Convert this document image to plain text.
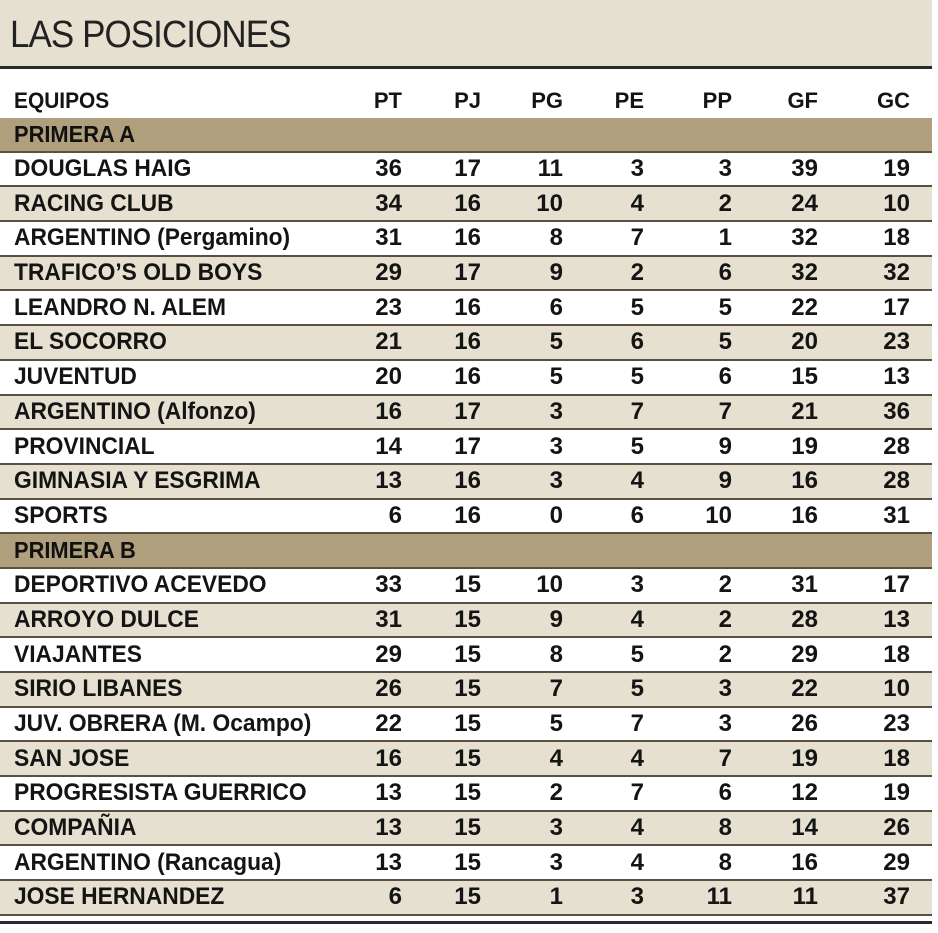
LAS POSICIONES
EQUIPOS	PT	PJ	PG	PE	PP	GF	GC
PRIMERA A
DOUGLAS HAIG	36	17	11	3	3	39	19
RACING CLUB	34	16	10	4	2	24	10
ARGENTINO (Pergamino)	31	16	8	7	1	32	18
TRAFICO’S OLD BOYS	29	17	9	2	6	32	32
LEANDRO N. ALEM	23	16	6	5	5	22	17
EL SOCORRO	21	16	5	6	5	20	23
JUVENTUD	20	16	5	5	6	15	13
ARGENTINO (Alfonzo)	16	17	3	7	7	21	36
PROVINCIAL	14	17	3	5	9	19	28
GIMNASIA Y ESGRIMA	13	16	3	4	9	16	28
SPORTS	6	16	0	6	10	16	31
PRIMERA B
DEPORTIVO ACEVEDO	33	15	10	3	2	31	17
ARROYO DULCE	31	15	9	4	2	28	13
VIAJANTES	29	15	8	5	2	29	18
SIRIO LIBANES	26	15	7	5	3	22	10
JUV. OBRERA (M. Ocampo)	22	15	5	7	3	26	23
SAN JOSE	16	15	4	4	7	19	18
PROGRESISTA GUERRICO	13	15	2	7	6	12	19
COMPAÑIA	13	15	3	4	8	14	26
ARGENTINO (Rancagua)	13	15	3	4	8	16	29
JOSE HERNANDEZ	6	15	1	3	11	11	37
